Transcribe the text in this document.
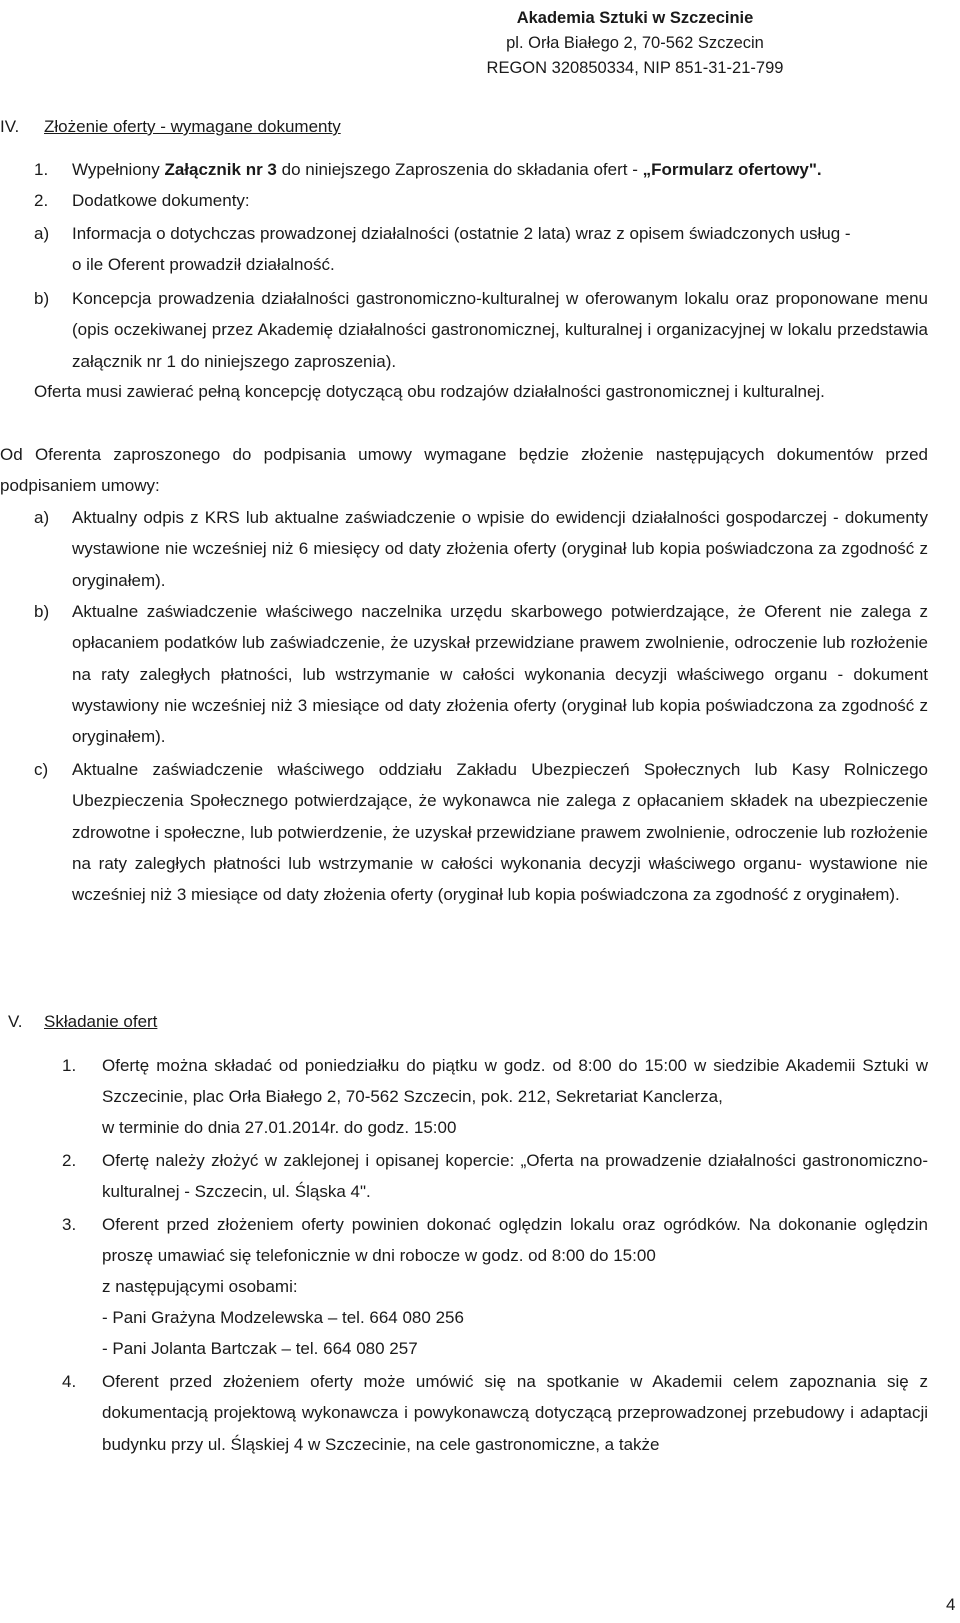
Akademia Sztuki w Szczecinie
pl. Orła Białego 2, 70-562 Szczecin
REGON 320850334, NIP 851-31-21-799
IV. Złożenie oferty - wymagane dokumenty
1. Wypełniony Załącznik nr 3 do niniejszego Zaproszenia do składania ofert - „Formularz ofertowy".
2. Dodatkowe dokumenty:
a) Informacja o dotychczas prowadzonej działalności (ostatnie 2 lata) wraz z opisem świadczonych usług -
o ile Oferent prowadził działalność.
b) Koncepcja prowadzenia działalności gastronomiczno-kulturalnej w oferowanym lokalu oraz proponowane menu (opis oczekiwanej przez Akademię działalności gastronomicznej, kulturalnej i organizacyjnej w lokalu przedstawia załącznik nr 1 do niniejszego zaproszenia).

Oferta musi zawierać pełną koncepcję dotyczącą obu rodzajów działalności gastronomicznej i kulturalnej.

Od Oferenta zaproszonego do podpisania umowy wymagane będzie złożenie następujących dokumentów przed podpisaniem umowy:

a) Aktualny odpis z KRS lub aktualne zaświadczenie o wpisie do ewidencji działalności gospodarczej - dokumenty wystawione nie wcześniej niż 6 miesięcy od daty złożenia oferty (oryginał lub kopia poświadczona za zgodność z oryginałem).

b) Aktualne zaświadczenie właściwego naczelnika urzędu skarbowego potwierdzające, że Oferent nie zalega z opłacaniem podatków lub zaświadczenie, że uzyskał przewidziane prawem zwolnienie, odroczenie lub rozłożenie na raty zaległych płatności, lub wstrzymanie w całości wykonania decyzji właściwego organu - dokument wystawiony nie wcześniej niż 3 miesiące od daty złożenia oferty (oryginał lub kopia poświadczona za zgodność z oryginałem).

c) Aktualne zaświadczenie właściwego oddziału Zakładu Ubezpieczeń Społecznych lub Kasy Rolniczego Ubezpieczenia Społecznego potwierdzające, że wykonawca nie zalega z opłacaniem składek na ubezpieczenie zdrowotne i społeczne, lub potwierdzenie, że uzyskał przewidziane prawem zwolnienie, odroczenie lub rozłożenie na raty zaległych płatności lub wstrzymanie w całości wykonania decyzji właściwego organu- wystawione nie wcześniej niż 3 miesiące od daty złożenia oferty (oryginał lub kopia poświadczona za zgodność z oryginałem).

V. Składanie ofert
1. Ofertę można składać od poniedziałku do piątku w godz. od 8:00 do 15:00 w siedzibie Akademii Sztuki w Szczecinie, plac Orła Białego 2, 70-562 Szczecin, pok. 212, Sekretariat Kanclerza,

w terminie do dnia 27.01.2014r. do godz. 15:00
2. Ofertę należy złożyć w zaklejonej i opisanej kopercie: „Oferta na prowadzenie działalności gastronomiczno-kulturalnej - Szczecin, ul. Śląska 4".

3. Oferent przed złożeniem oferty powinien dokonać oględzin lokalu oraz ogródków. Na dokonanie oględzin proszę umawiać się telefonicznie w dni robocze w godz. od 8:00 do 15:00

z następującymi osobami:
- Pani Grażyna Modzelewska – tel. 664 080 256
- Pani Jolanta Bartczak – tel. 664 080 257
4. Oferent przed złożeniem oferty może umówić się na spotkanie w Akademii celem zapoznania się z dokumentacją projektową wykonawcza i powykonawczą dotyczącą przeprowadzonej przebudowy i adaptacji budynku przy ul. Śląskiej 4 w Szczecinie, na cele gastronomiczne, a także

4
